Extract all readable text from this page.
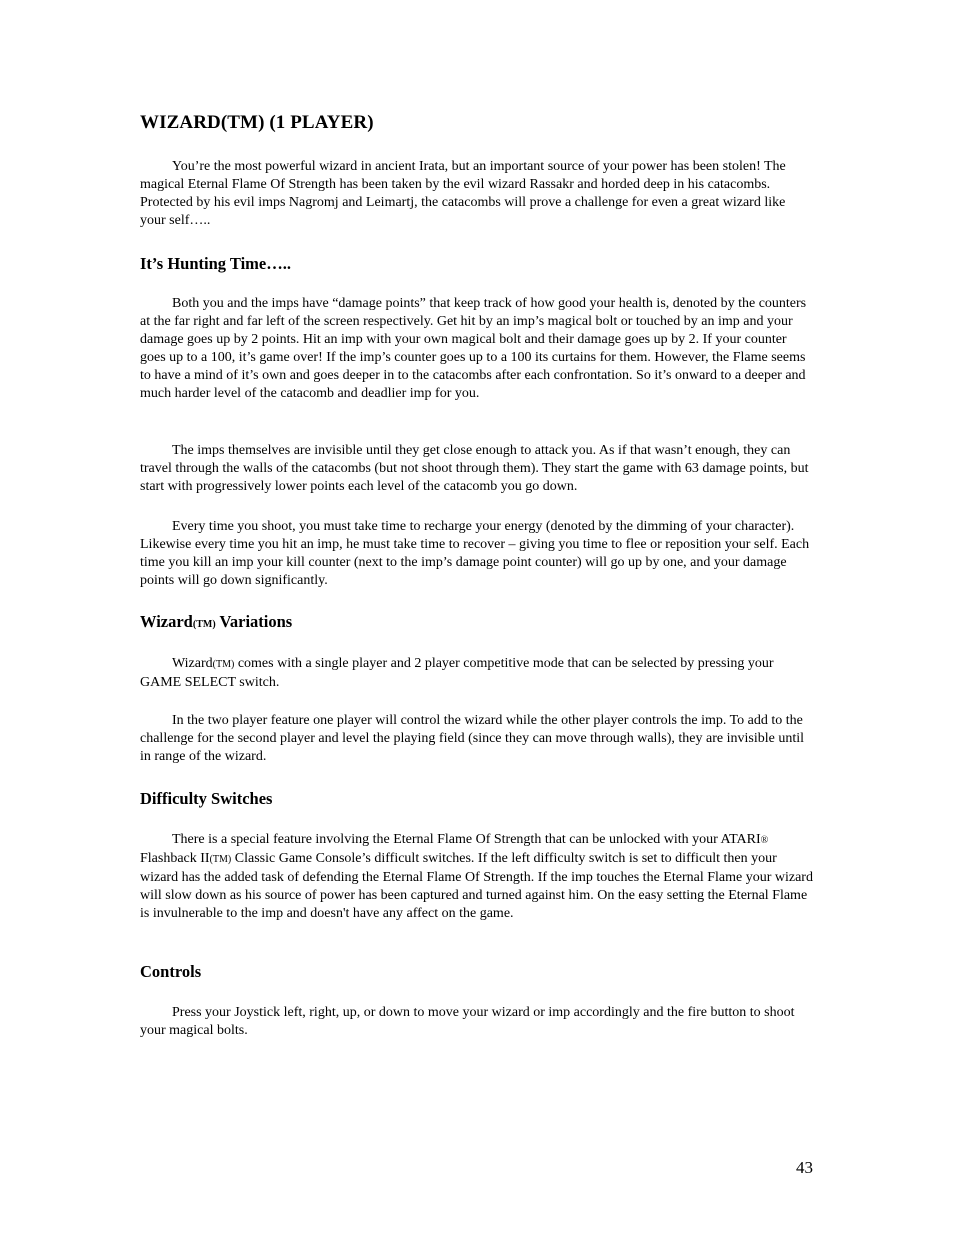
WIZARD(TM) (1 PLAYER)

You’re the most powerful wizard in ancient Irata, but an important source of your power has been stolen! The magical Eternal Flame Of Strength has been taken by the evil wizard Rassakr and horded deep in his catacombs. Protected by his evil imps Nagromj and Leimartj, the catacombs will prove a challenge for even a great wizard like your self…..

It’s Hunting Time…..

Both you and the imps have “damage points” that keep track of how good your health is, denoted by the counters at the far right and far left of the screen respectively. Get hit by an imp’s magical bolt or touched by an imp and your damage goes up by 2 points. Hit an imp with your own magical bolt and their damage goes up by 2. If your counter goes up to a 100, it’s game over! If the imp’s counter goes up to a 100 its curtains for them. However, the Flame seems to have a mind of it’s own and goes deeper in to the catacombs after each confrontation. So it’s onward to a deeper and much harder level of the catacomb and deadlier imp for you.

The imps themselves are invisible until they get close enough to attack you. As if that wasn’t enough, they can travel through the walls of the catacombs (but not shoot through them). They start the game with 63 damage points, but start with progressively lower points each level of the catacomb you go down.

Every time you shoot, you must take time to recharge your energy (denoted by the dimming of your character). Likewise every time you hit an imp, he must take time to recover – giving you time to flee or reposition your self. Each time you kill an imp your kill counter (next to the imp’s damage point counter) will go up by one, and your damage points will go down significantly.

Wizard(TM) Variations

Wizard(TM) comes with a single player and 2 player competitive mode that can be selected by pressing your GAME SELECT switch.

In the two player feature one player will control the wizard while the other player controls the imp. To add to the challenge for the second player and level the playing field (since they can move through walls), they are invisible until in range of the wizard.

Difficulty Switches

There is a special feature involving the Eternal Flame Of Strength that can be unlocked with your ATARI® Flashback II(TM) Classic Game Console’s difficult switches. If the left difficulty switch is set to difficult then your wizard has the added task of defending the Eternal Flame Of Strength. If the imp touches the Eternal Flame your wizard will slow down as his source of power has been captured and turned against him. On the easy setting the Eternal Flame is invulnerable to the imp and doesn't have any affect on the game.

Controls

Press your Joystick left, right, up, or down to move your wizard or imp accordingly and the fire button to shoot your magical bolts.

43
